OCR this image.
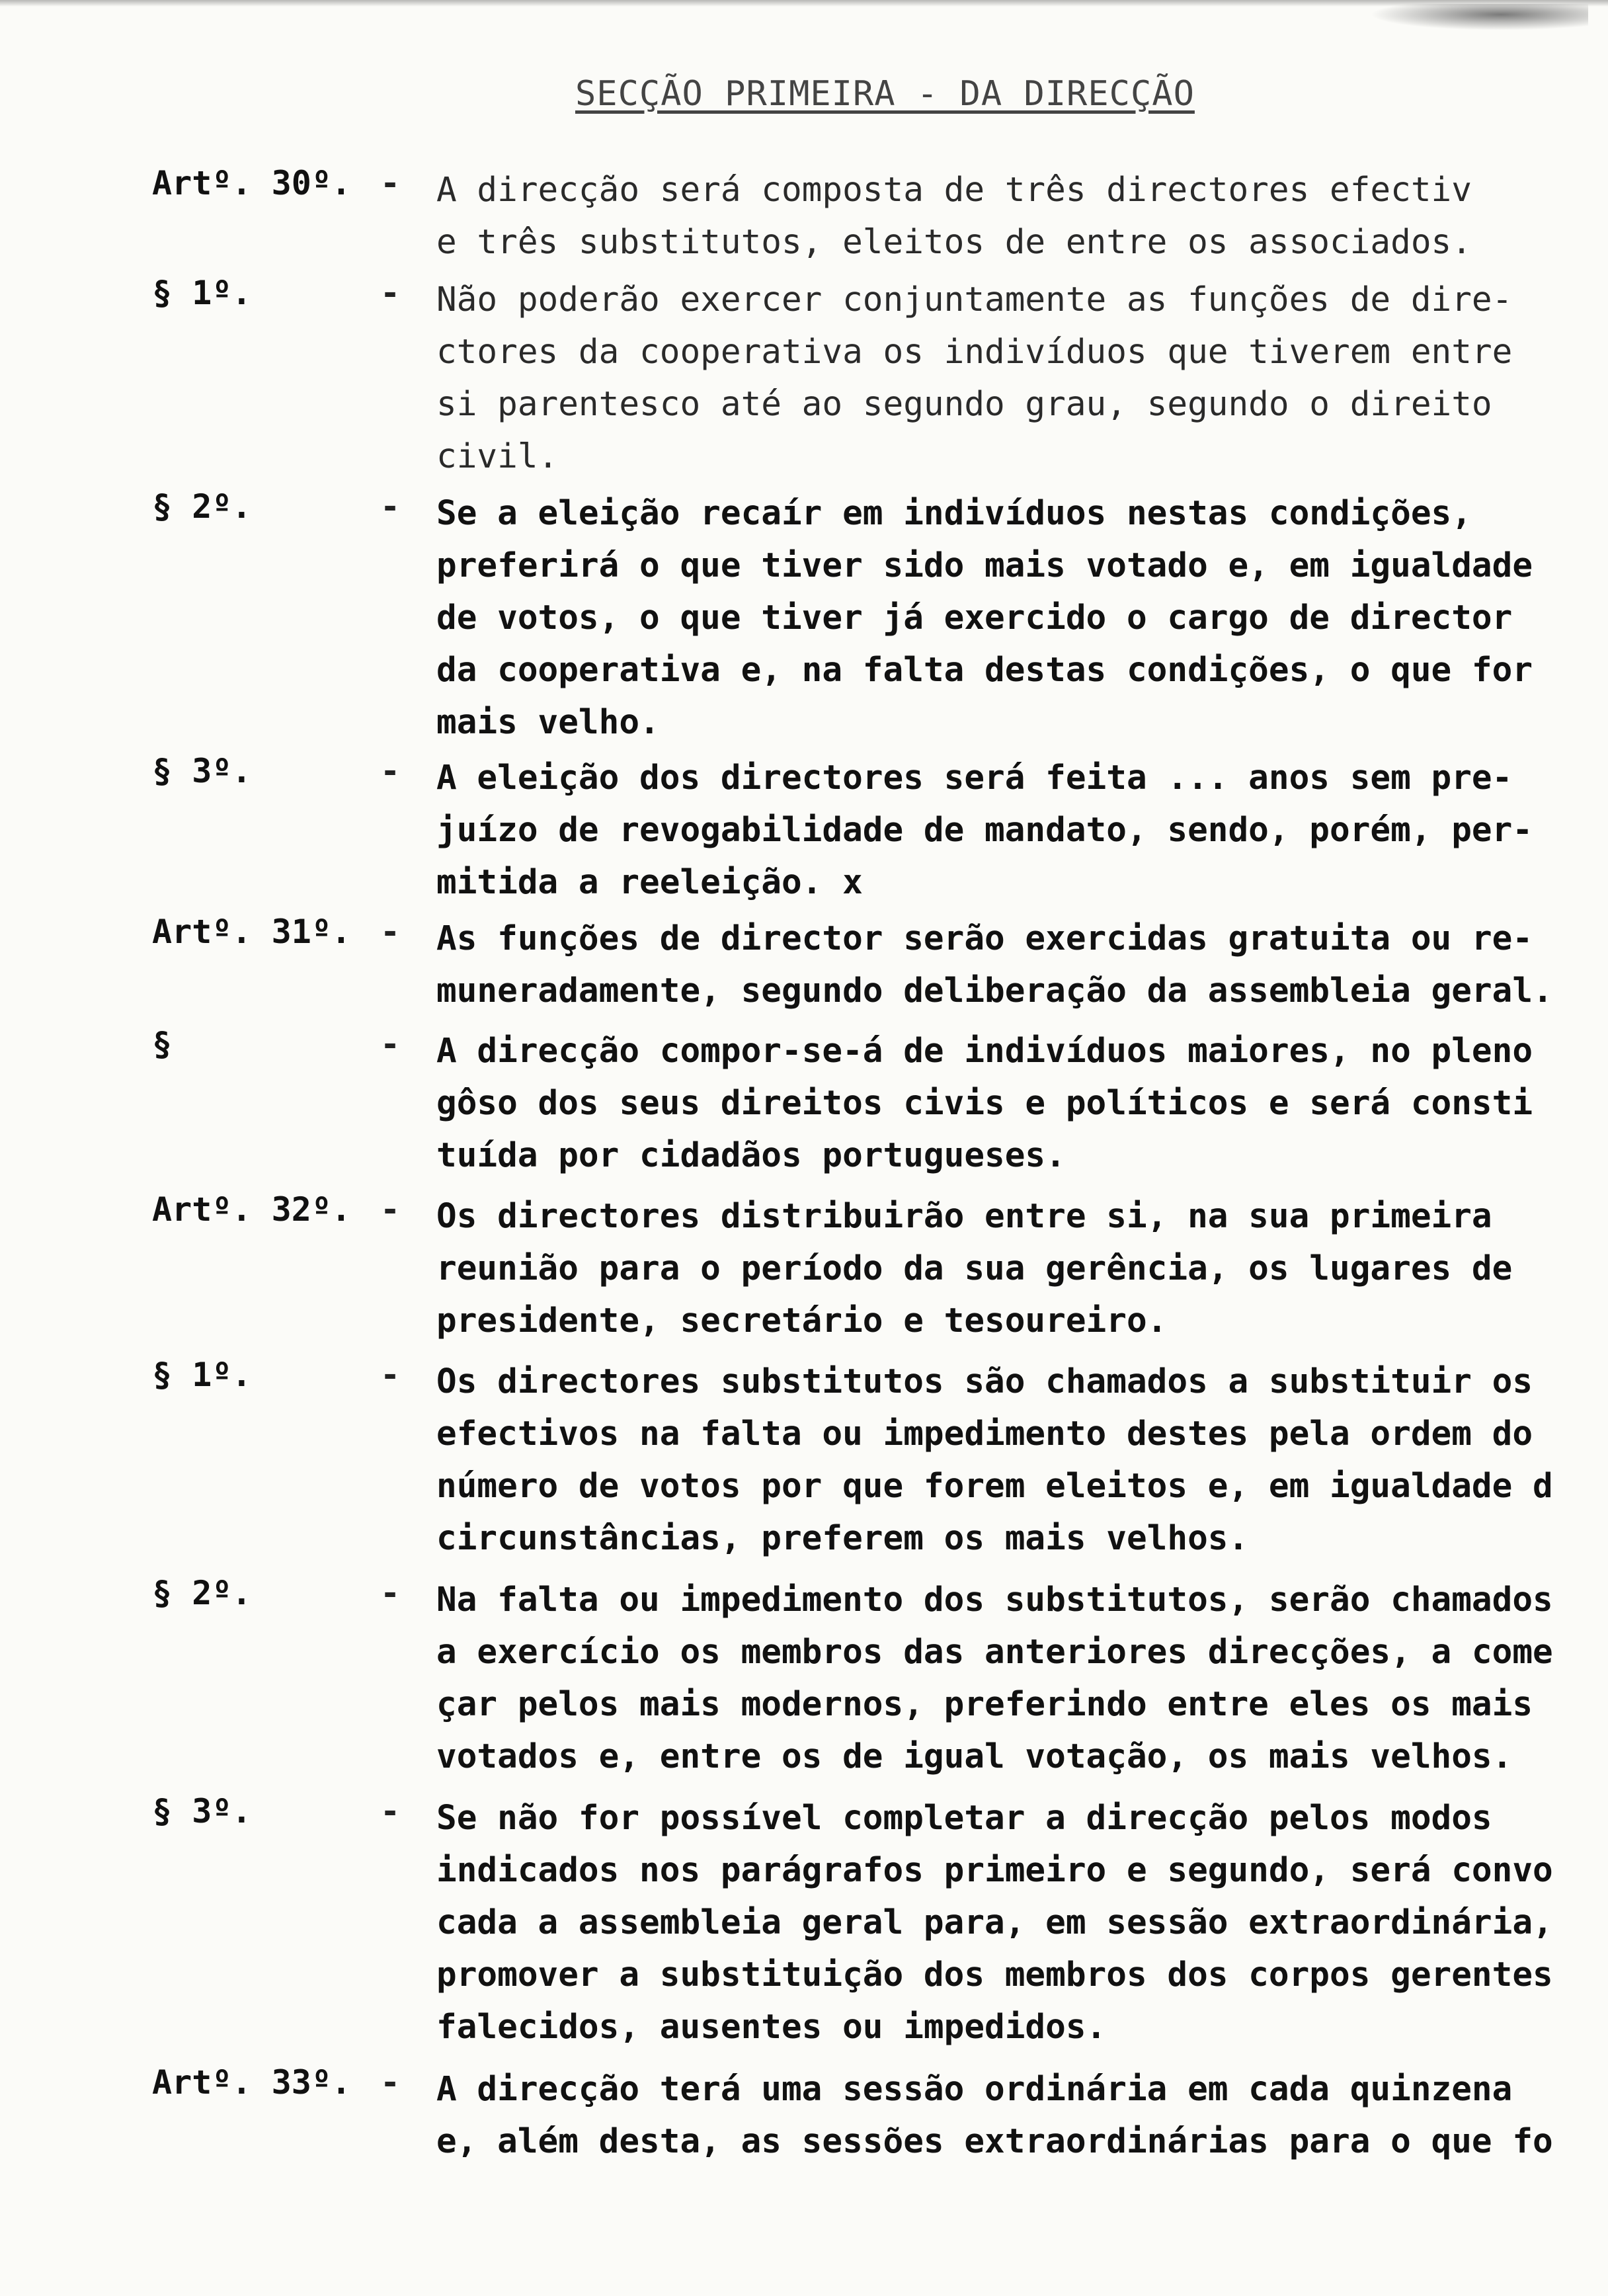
SECÇÃO PRIMEIRA - DA DIRECÇÃO
Artº. 30º. - A direcção será composta de três directores efectiv
e três substitutos, eleitos de entre os associados.
§ 1º.	- Não poderão exercer conjuntamente as funções de dire-
ctores da cooperativa os indivíduos que tiverem entre
si parentesco até ao segundo grau, segundo o direito
civil.
§ 2º.	- Se a eleição recaír em indivíduos nestas condições,
preferirá o que tiver sido mais votado e, em igualdade
de votos, o que tiver já exercido o cargo de director
da cooperativa e, na falta destas condições, o que for
mais velho.
§ 3º.	- A eleição dos directores será feita ... anos sem pre-
juízo de revogabilidade de mandato, sendo, porém, per-
mitida a reeleição. x
Artº. 31º. - As funções de director serão exercidas gratuita ou re-
muneradamente, segundo deliberação da assembleia geral.
§	- A direcção compor-se-á de indivíduos maiores, no pleno
gôso dos seus direitos civis e políticos e será consti
tuída por cidadãos portugueses.
Artº. 32º. - Os directores distribuirão entre si, na sua primeira
reunião para o período da sua gerência, os lugares de
presidente, secretário e tesoureiro.
§ 1º.	- Os directores substitutos são chamados a substituir os
efectivos na falta ou impedimento destes pela ordem do
número de votos por que forem eleitos e, em igualdade d
circunstâncias, preferem os mais velhos.
§ 2º.	- Na falta ou impedimento dos substitutos, serão chamados
a exercício os membros das anteriores direcções, a come
çar pelos mais modernos, preferindo entre eles os mais
votados e, entre os de igual votação, os mais velhos.
§ 3º.	- Se não for possível completar a direcção pelos modos
indicados nos parágrafos primeiro e segundo, será convo
cada a assembleia geral para, em sessão extraordinária,
promover a substituição dos membros dos corpos gerentes
falecidos, ausentes ou impedidos.
Artº. 33º. - A direcção terá uma sessão ordinária em cada quinzena
e, além desta, as sessões extraordinárias para o que fo
